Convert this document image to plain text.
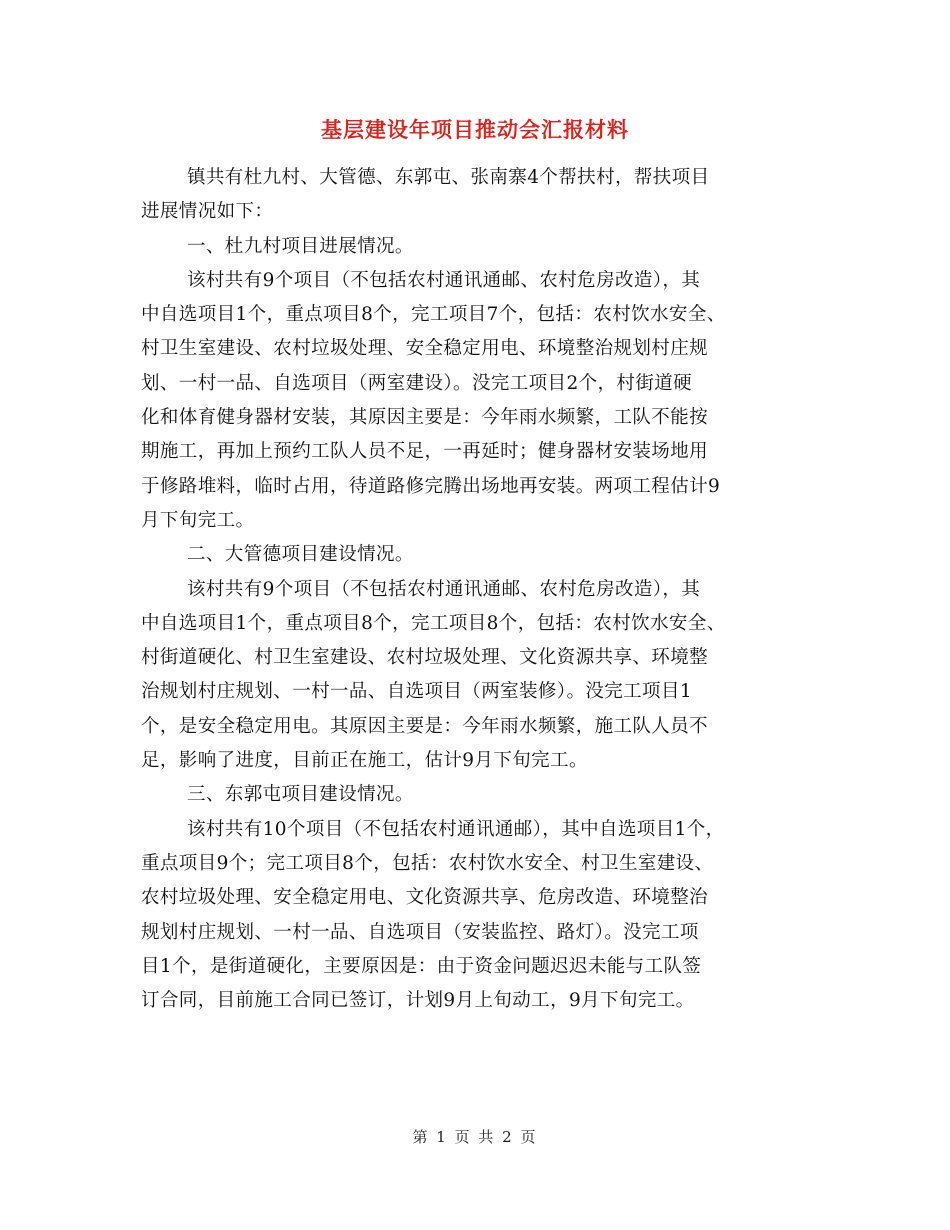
基层建设年项目推动会汇报材料
镇共有杜九村、大管德、东郭屯、张南寨4个帮扶村，帮扶项目
进展情况如下：
一、杜九村项目进展情况。
该村共有9个项目（不包括农村通讯通邮、农村危房改造），其
中自选项目1个，重点项目8个，完工项目7个，包括：农村饮水安全、
村卫生室建设、农村垃圾处理、安全稳定用电、环境整治规划村庄规
划、一村一品、自选项目（两室建设）。没完工项目2个，村街道硬
化和体育健身器材安装，其原因主要是：今年雨水频繁，工队不能按
期施工，再加上预约工队人员不足，一再延时；健身器材安装场地用
于修路堆料，临时占用，待道路修完腾出场地再安装。两项工程估计9
月下旬完工。
二、大管德项目建设情况。
该村共有9个项目（不包括农村通讯通邮、农村危房改造），其
中自选项目1个，重点项目8个，完工项目8个，包括：农村饮水安全、
村街道硬化、村卫生室建设、农村垃圾处理、文化资源共享、环境整
治规划村庄规划、一村一品、自选项目（两室装修）。没完工项目1
个，是安全稳定用电。其原因主要是：今年雨水频繁，施工队人员不
足，影响了进度，目前正在施工，估计9月下旬完工。
三、东郭屯项目建设情况。
该村共有10个项目（不包括农村通讯通邮），其中自选项目1个，
重点项目9个；完工项目8个，包括：农村饮水安全、村卫生室建设、
农村垃圾处理、安全稳定用电、文化资源共享、危房改造、环境整治
规划村庄规划、一村一品、自选项目（安装监控、路灯）。没完工项
目1个，是街道硬化，主要原因是：由于资金问题迟迟未能与工队签
订合同，目前施工合同已签订，计划9月上旬动工，9月下旬完工。
第 1 页 共 2 页
